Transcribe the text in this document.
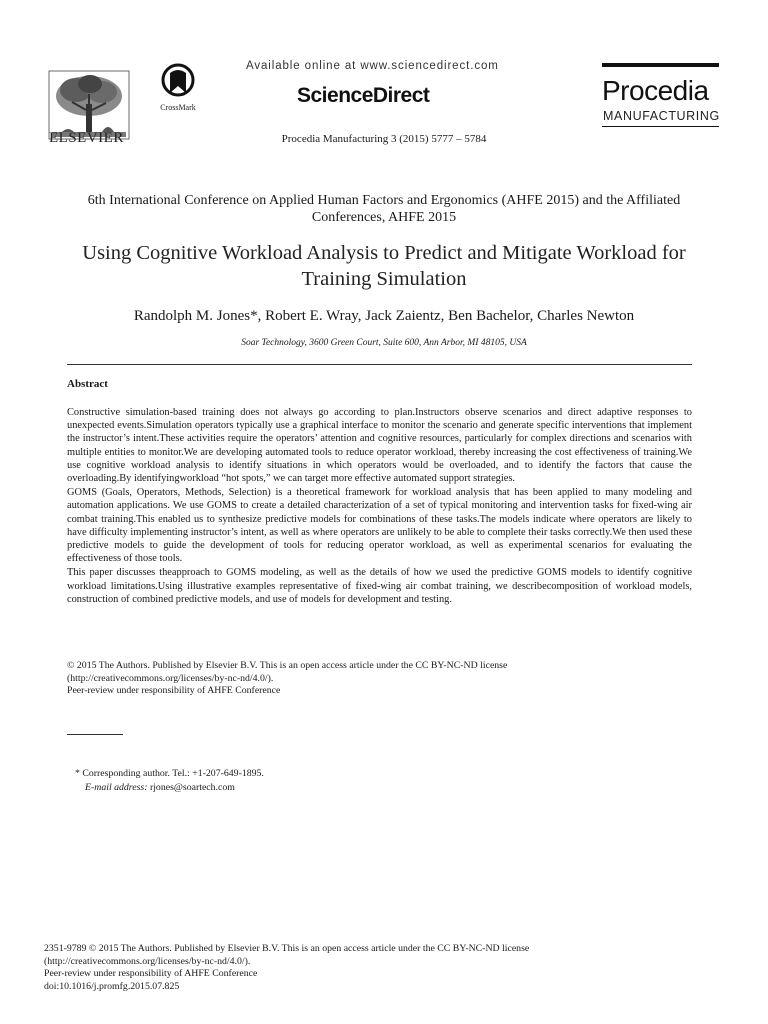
ELSEVIER
CrossMark
Available online at www.sciencedirect.com
ScienceDirect
Procedia Manufacturing 3 (2015) 5777 – 5784
Procedia
MANUFACTURING
6th International Conference on Applied Human Factors and Ergonomics (AHFE 2015) and the Affiliated Conferences, AHFE 2015
Using Cognitive Workload Analysis to Predict and Mitigate Workload for Training Simulation
Randolph M. Jones*, Robert E. Wray, Jack Zaientz, Ben Bachelor, Charles Newton
Soar Technology, 3600 Green Court, Suite 600, Ann Arbor, MI 48105, USA
Abstract

Constructive simulation-based training does not always go according to plan.Instructors observe scenarios and direct adaptive responses to unexpected events.Simulation operators typically use a graphical interface to monitor the scenario and generate specific interventions that implement the instructor’s intent.These activities require the operators’ attention and cognitive resources, particularly for complex directions and scenarios with multiple entities to monitor.We are developing automated tools to reduce operator workload, thereby increasing the cost effectiveness of training.We use cognitive workload analysis to identify situations in which operators would be overloaded, and to identify the factors that cause the overloading.By identifyingworkload “hot spots,” we can target more effective automated support strategies.

GOMS (Goals, Operators, Methods, Selection) is a theoretical framework for workload analysis that has been applied to many modeling and automation applications. We use GOMS to create a detailed characterization of a set of typical monitoring and intervention tasks for fixed-wing air combat training.This enabled us to synthesize predictive models for combinations of these tasks.The models indicate where operators are likely to have difficulty implementing instructor’s intent, as well as where operators are unlikely to be able to complete their tasks correctly.We then used these predictive models to guide the development of tools for reducing operator workload, as well as experimental scenarios for evaluating the effectiveness of those tools.

This paper discusses theapproach to GOMS modeling, as well as the details of how we used the predictive GOMS models to identify cognitive workload limitations.Using illustrative examples representative of fixed-wing air combat training, we describecomposition of workload models, construction of combined predictive models, and use of models for development and testing.

© 2015 The Authors. Published by Elsevier B.V. This is an open access article under the CC BY-NC-ND license
(http://creativecommons.org/licenses/by-nc-nd/4.0/).
Peer-review under responsibility of AHFE Conference
* Corresponding author. Tel.: +1-207-649-1895.
E-mail address: rjones@soartech.com
2351-9789 © 2015 The Authors. Published by Elsevier B.V. This is an open access article under the CC BY-NC-ND license
(http://creativecommons.org/licenses/by-nc-nd/4.0/).
Peer-review under responsibility of AHFE Conference
doi:10.1016/j.promfg.2015.07.825
